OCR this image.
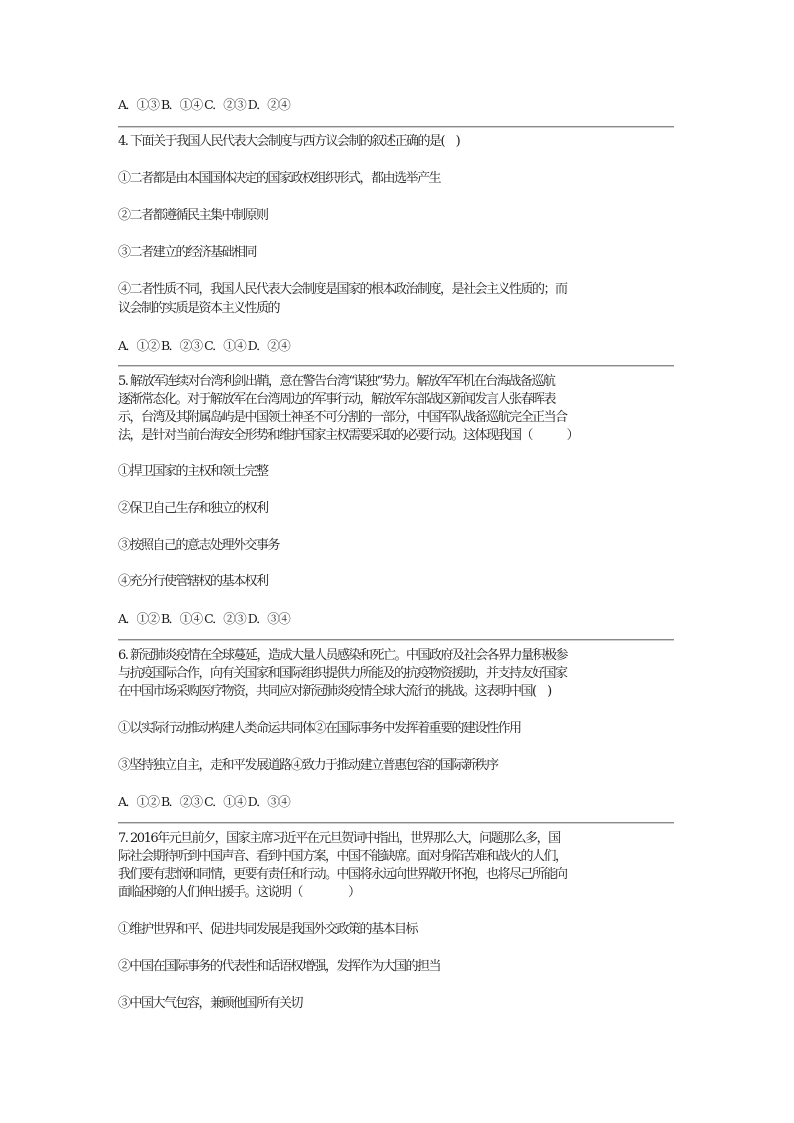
A．①③ B．①④ C．②③ D．②④
4. 下面关于我国人民代表大会制度与西方议会制的叙述正确的是(　)
①二者都是由本国国体决定的国家政权组织形式，都由选举产生
②二者都遵循民主集中制原则
③二者建立的经济基础相同
④二者性质不同，我国人民代表大会制度是国家的根本政治制度，是社会主义性质的；而
议会制的实质是资本主义性质的
A．①② B．②③ C．①④ D．②④
5. 解放军连续对台湾利剑出鞘，意在警告台湾“谋独”势力。解放军军机在台海战备巡航
逐渐常态化。对于解放军在台湾周边的军事行动，解放军东部战区新闻发言人张春晖表
示，台湾及其附属岛屿是中国领土神圣不可分割的一部分，中国军队战备巡航完全正当合
法，是针对当前台海安全形势和维护国家主权需要采取的必要行动。这体现我国（　　　）
①捍卫国家的主权和领土完整
②保卫自己生存和独立的权利
③按照自己的意志处理外交事务
④充分行使管辖权的基本权利
A．①② B．①④ C．②③ D．③④
6. 新冠肺炎疫情在全球蔓延，造成大量人员感染和死亡。中国政府及社会各界力量积极参
与抗疫国际合作，向有关国家和国际组织提供力所能及的抗疫物资援助，并支持友好国家
在中国市场采购医疗物资，共同应对新冠肺炎疫情全球大流行的挑战。这表明中国(　)
①以实际行动推动构建人类命运共同体②在国际事务中发挥着重要的建设性作用
③坚持独立自主，走和平发展道路④致力于推动建立普惠包容的国际新秩序
A．①② B．②③ C．①④ D．③④
7. 2016年元旦前夕，国家主席习近平在元旦贺词中指出，世界那么大，问题那么多，国
际社会期待听到中国声音、看到中国方案，中国不能缺席。面对身陷苦难和战火的人们，
我们要有悲悯和同情，更要有责任和行动。中国将永远向世界敞开怀抱，也将尽己所能向
面临困境的人们伸出援手。这说明（　　　　）
①维护世界和平、促进共同发展是我国外交政策的基本目标
②中国在国际事务的代表性和话语权增强，发挥作为大国的担当
③中国大气包容，兼顾他国所有关切
